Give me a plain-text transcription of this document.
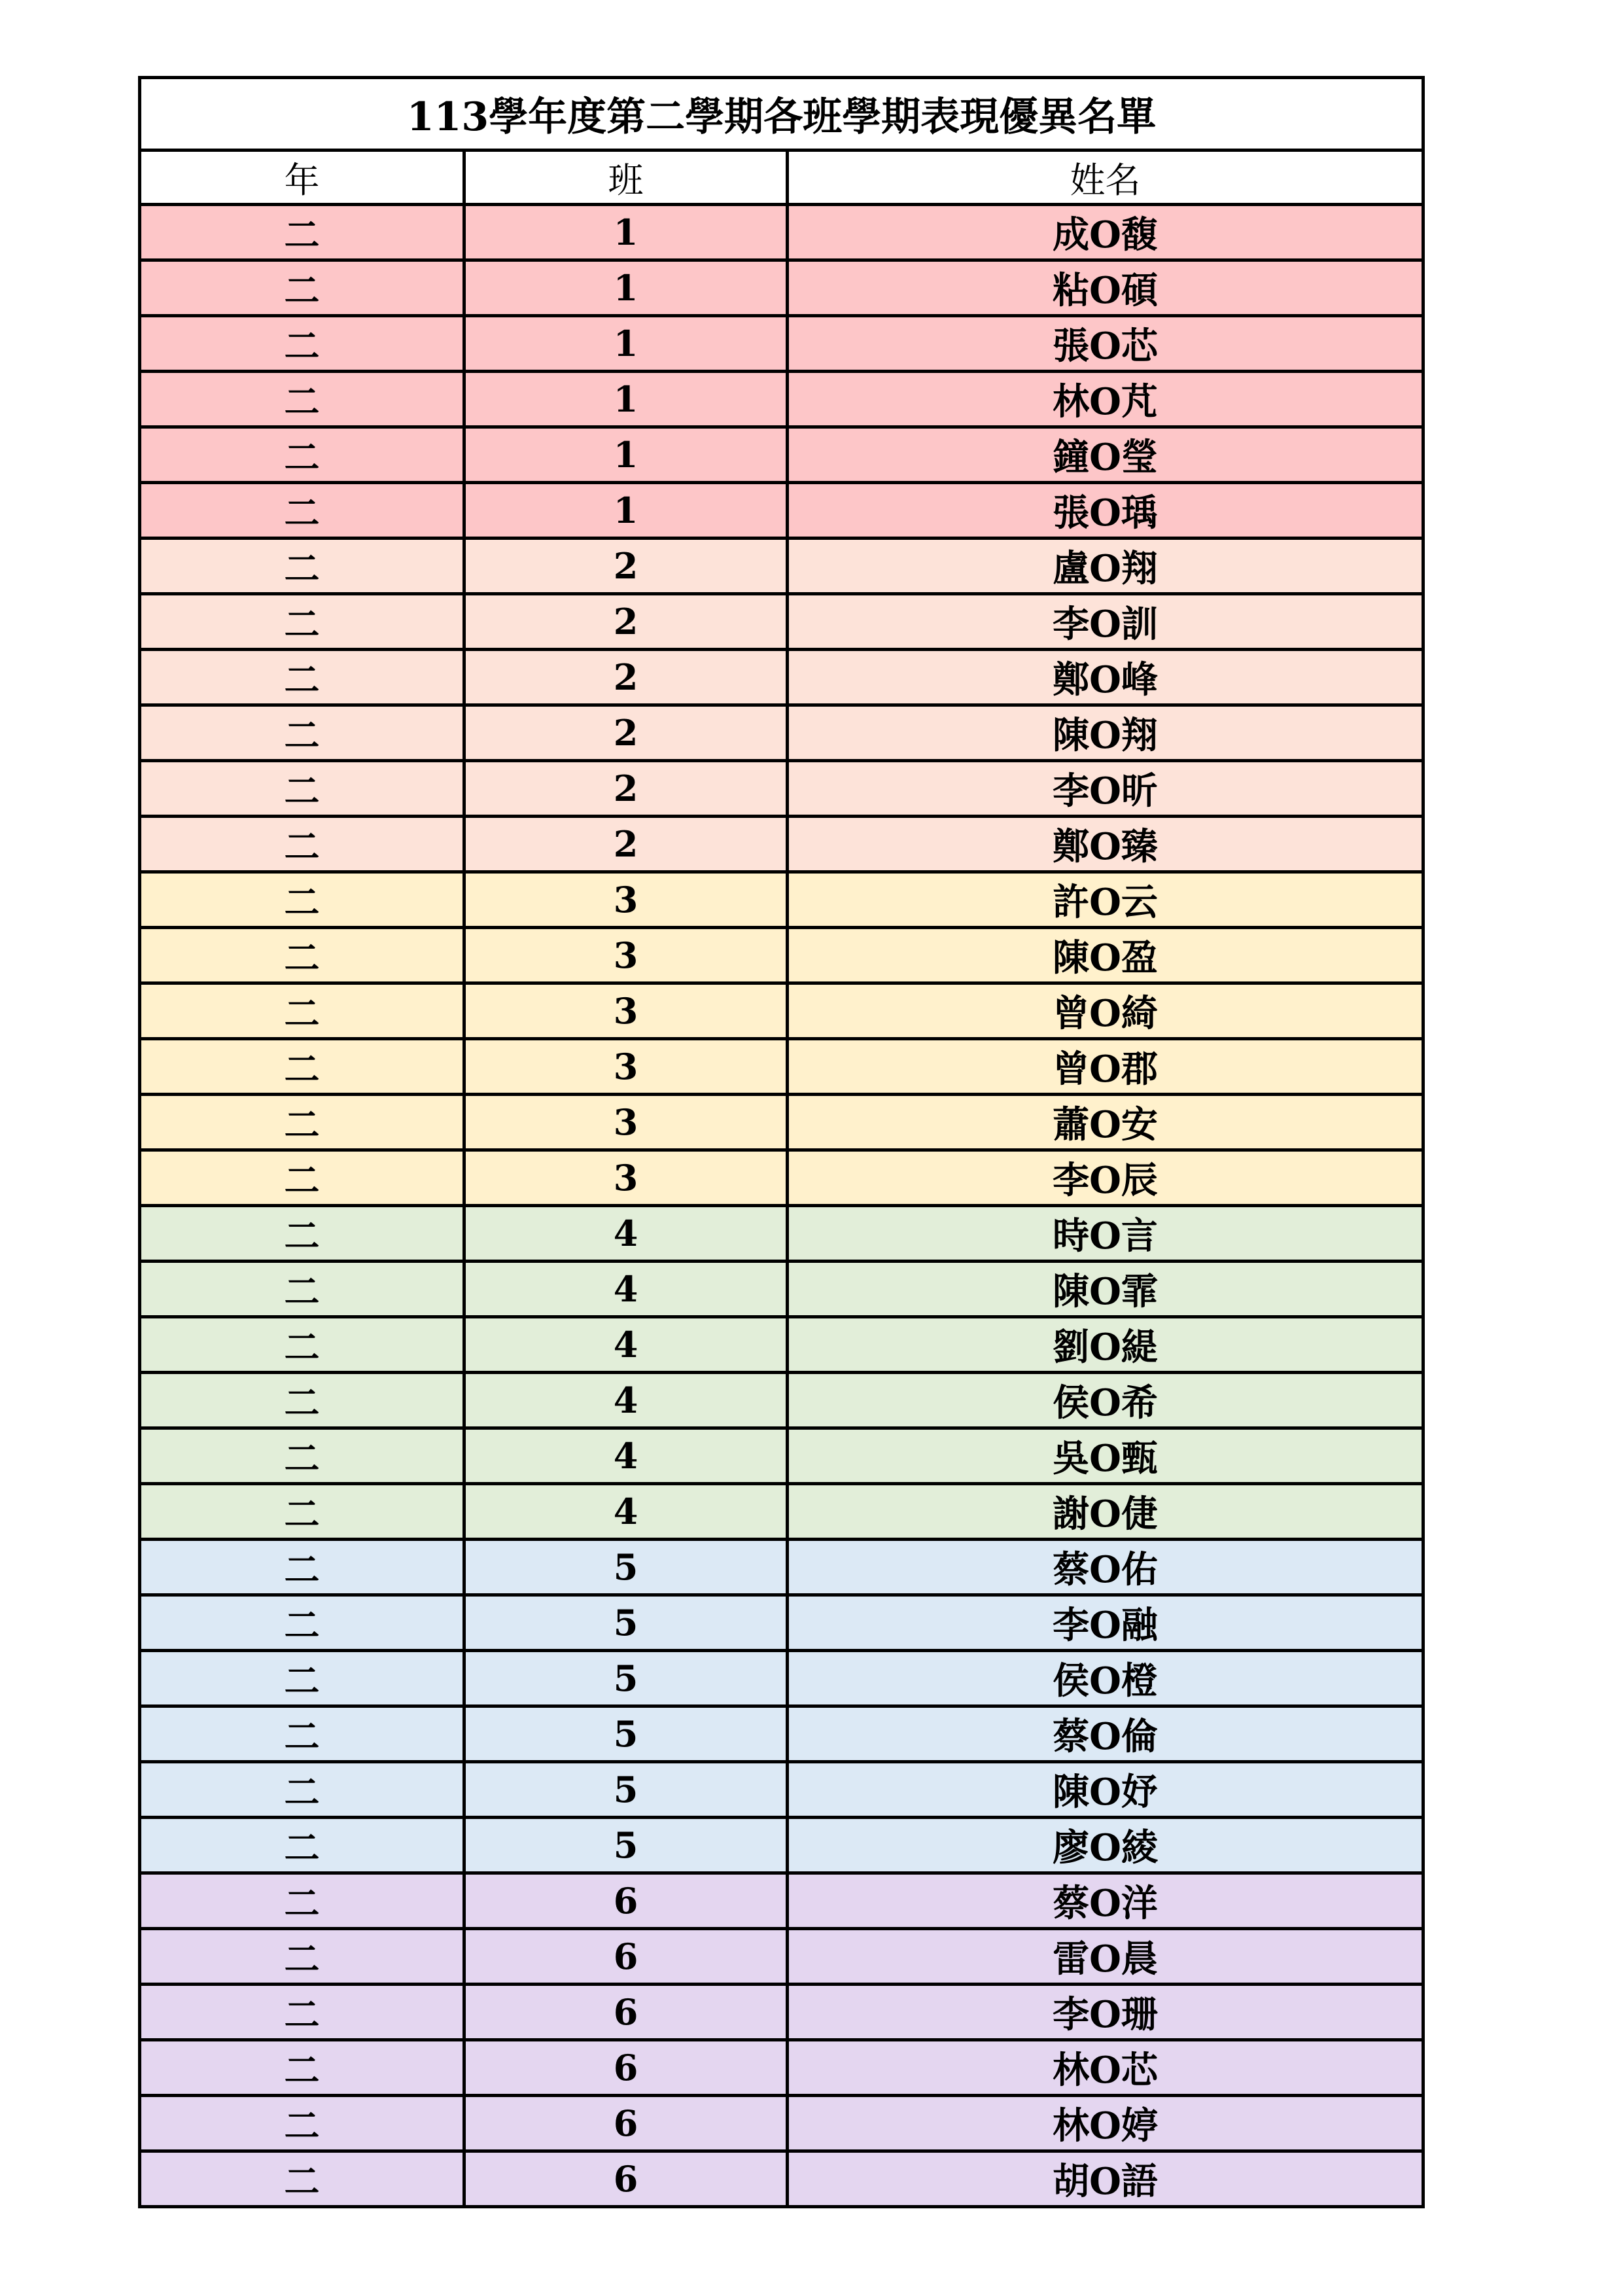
113學年度第二學期各班學期表現優異名單		
年	班	姓名
二	1	成O馥
二	1	粘O碩
二	1	張O芯
二	1	林O芃
二	1	鐘O瑩
二	1	張O瑀
二	2	盧O翔
二	2	李O訓
二	2	鄭O峰
二	2	陳O翔
二	2	李O昕
二	2	鄭O臻
二	3	許O云
二	3	陳O盈
二	3	曾O綺
二	3	曾O郡
二	3	蕭O安
二	3	李O辰
二	4	時O言
二	4	陳O霏
二	4	劉O緹
二	4	侯O希
二	4	吳O甄
二	4	謝O倢
二	5	蔡O佑
二	5	李O融
二	5	侯O橙
二	5	蔡O倫
二	5	陳O妤
二	5	廖O綾
二	6	蔡O洋
二	6	雷O晨
二	6	李O珊
二	6	林O芯
二	6	林O婷
二	6	胡O語
